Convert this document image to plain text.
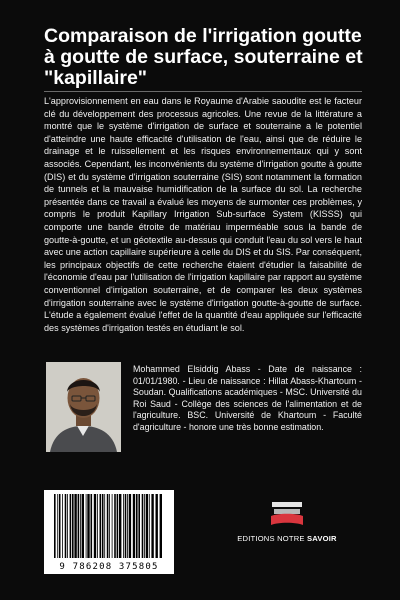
Comparaison de l'irrigation goutte à goutte de surface, souterraine et "kapillaire"

L'approvisionnement en eau dans le Royaume d'Arabie saoudite est le facteur clé du développement des processus agricoles. Une revue de la littérature a montré que le système d'irrigation de surface et souterraine a le potentiel d'atteindre une haute efficacité d'utilisation de l'eau, ainsi que de réduire le drainage et le ruissellement et les risques environnementaux qui y sont associés. Cependant, les inconvénients du système d'irrigation goutte à goutte (DIS) et du système d'irrigation souterraine (SIS) sont notamment la formation de tunnels et la mauvaise humidification de la surface du sol. La recherche présentée dans ce travail a évalué les moyens de surmonter ces problèmes, y compris le produit Kapillary Irrigation Sub-surface System (KISSS) qui comporte une bande étroite de matériau imperméable sous la bande de goutte-à-goutte, et un géotextile au-dessus qui conduit l'eau du sol vers le haut avec une action capillaire supérieure à celle du DIS et du SIS. Par conséquent, les principaux objectifs de cette recherche étaient d'étudier la faisabilité de l'économie d'eau par l'utilisation de l'irrigation kapillaire par rapport au système conventionnel d'irrigation souterraine, et de comparer les deux systèmes d'irrigation souterraine avec le système d'irrigation goutte-à-goutte de surface. L'étude a également évalué l'effet de la quantité d'eau appliquée sur l'efficacité des systèmes d'irrigation testés en étudiant le sol.

Mohammed Elsiddig Abass - Date de naissance : 01/01/1980. - Lieu de naissance : Hillat Abass-Khartoum - Soudan. Qualifications académiques - MSC. Université du Roi Saud - Collège des sciences de l'alimentation et de l'agriculture. BSC. Université de Khartoum - Faculté d'agriculture - honore une très bonne estimation.

9 786208 375805
EDITIONS NOTRE SAVOIR
